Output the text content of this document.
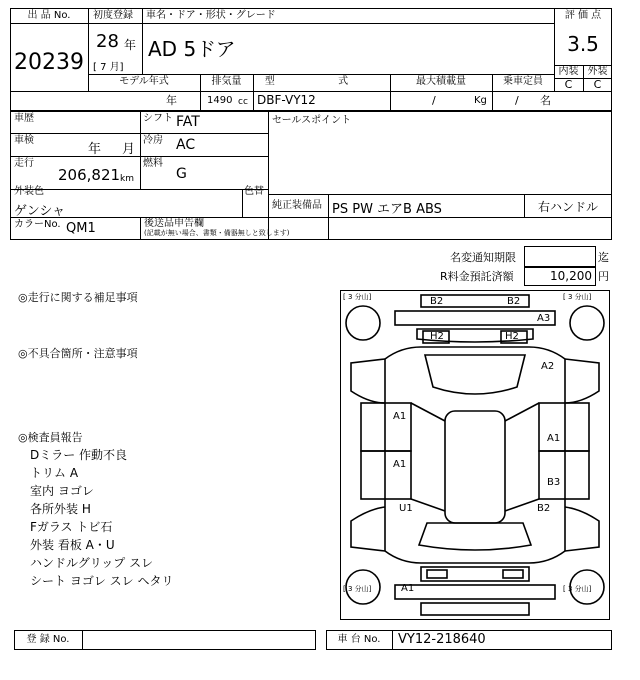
出 品 No.
20239
初度登録
28 年
[ 7 月]
車名・ドア・形状・グレード
AD 5ドア
評 価 点
3.5
内装 外装
C	C
モデル年式
年
排気量
1490 cc
型 式
DBF-VY12
最大積載量
/	Kg
乗車定員
/ 名
車歴	シフト FAT
車検
年 月
冷房 AC
走行
206,821 km
燃料
G
セールスポイント
外装色
ゲンシャ
色替
純正装備品 PS PW エアB ABS	右ハンドル
カラーNo. QM1	後送品申告欄
(記載が無い場合、書類・備器無しと致します)
名変通知期限	迄
R料金預託済額	10,200 円
◎走行に関する補足事項
◎不具合箇所・注意事項
◎検査員報告
Dミラー 作動不良
トリム A
室内 ヨゴレ
各所外装 H
Fガラス トビ石
外装 看板 A・U
ハンドルグリップ スレ
シート ヨゴレ スレ ヘタリ
[ 3 分山]	[ 3 分山]
[ 3 分山]	[ 3 分山]
B2	B2
A3
H2	H2
A2
A1
A1
A1
B3
U1	B2
A1
登 録 No.	車 台 No.	VY12-218640
